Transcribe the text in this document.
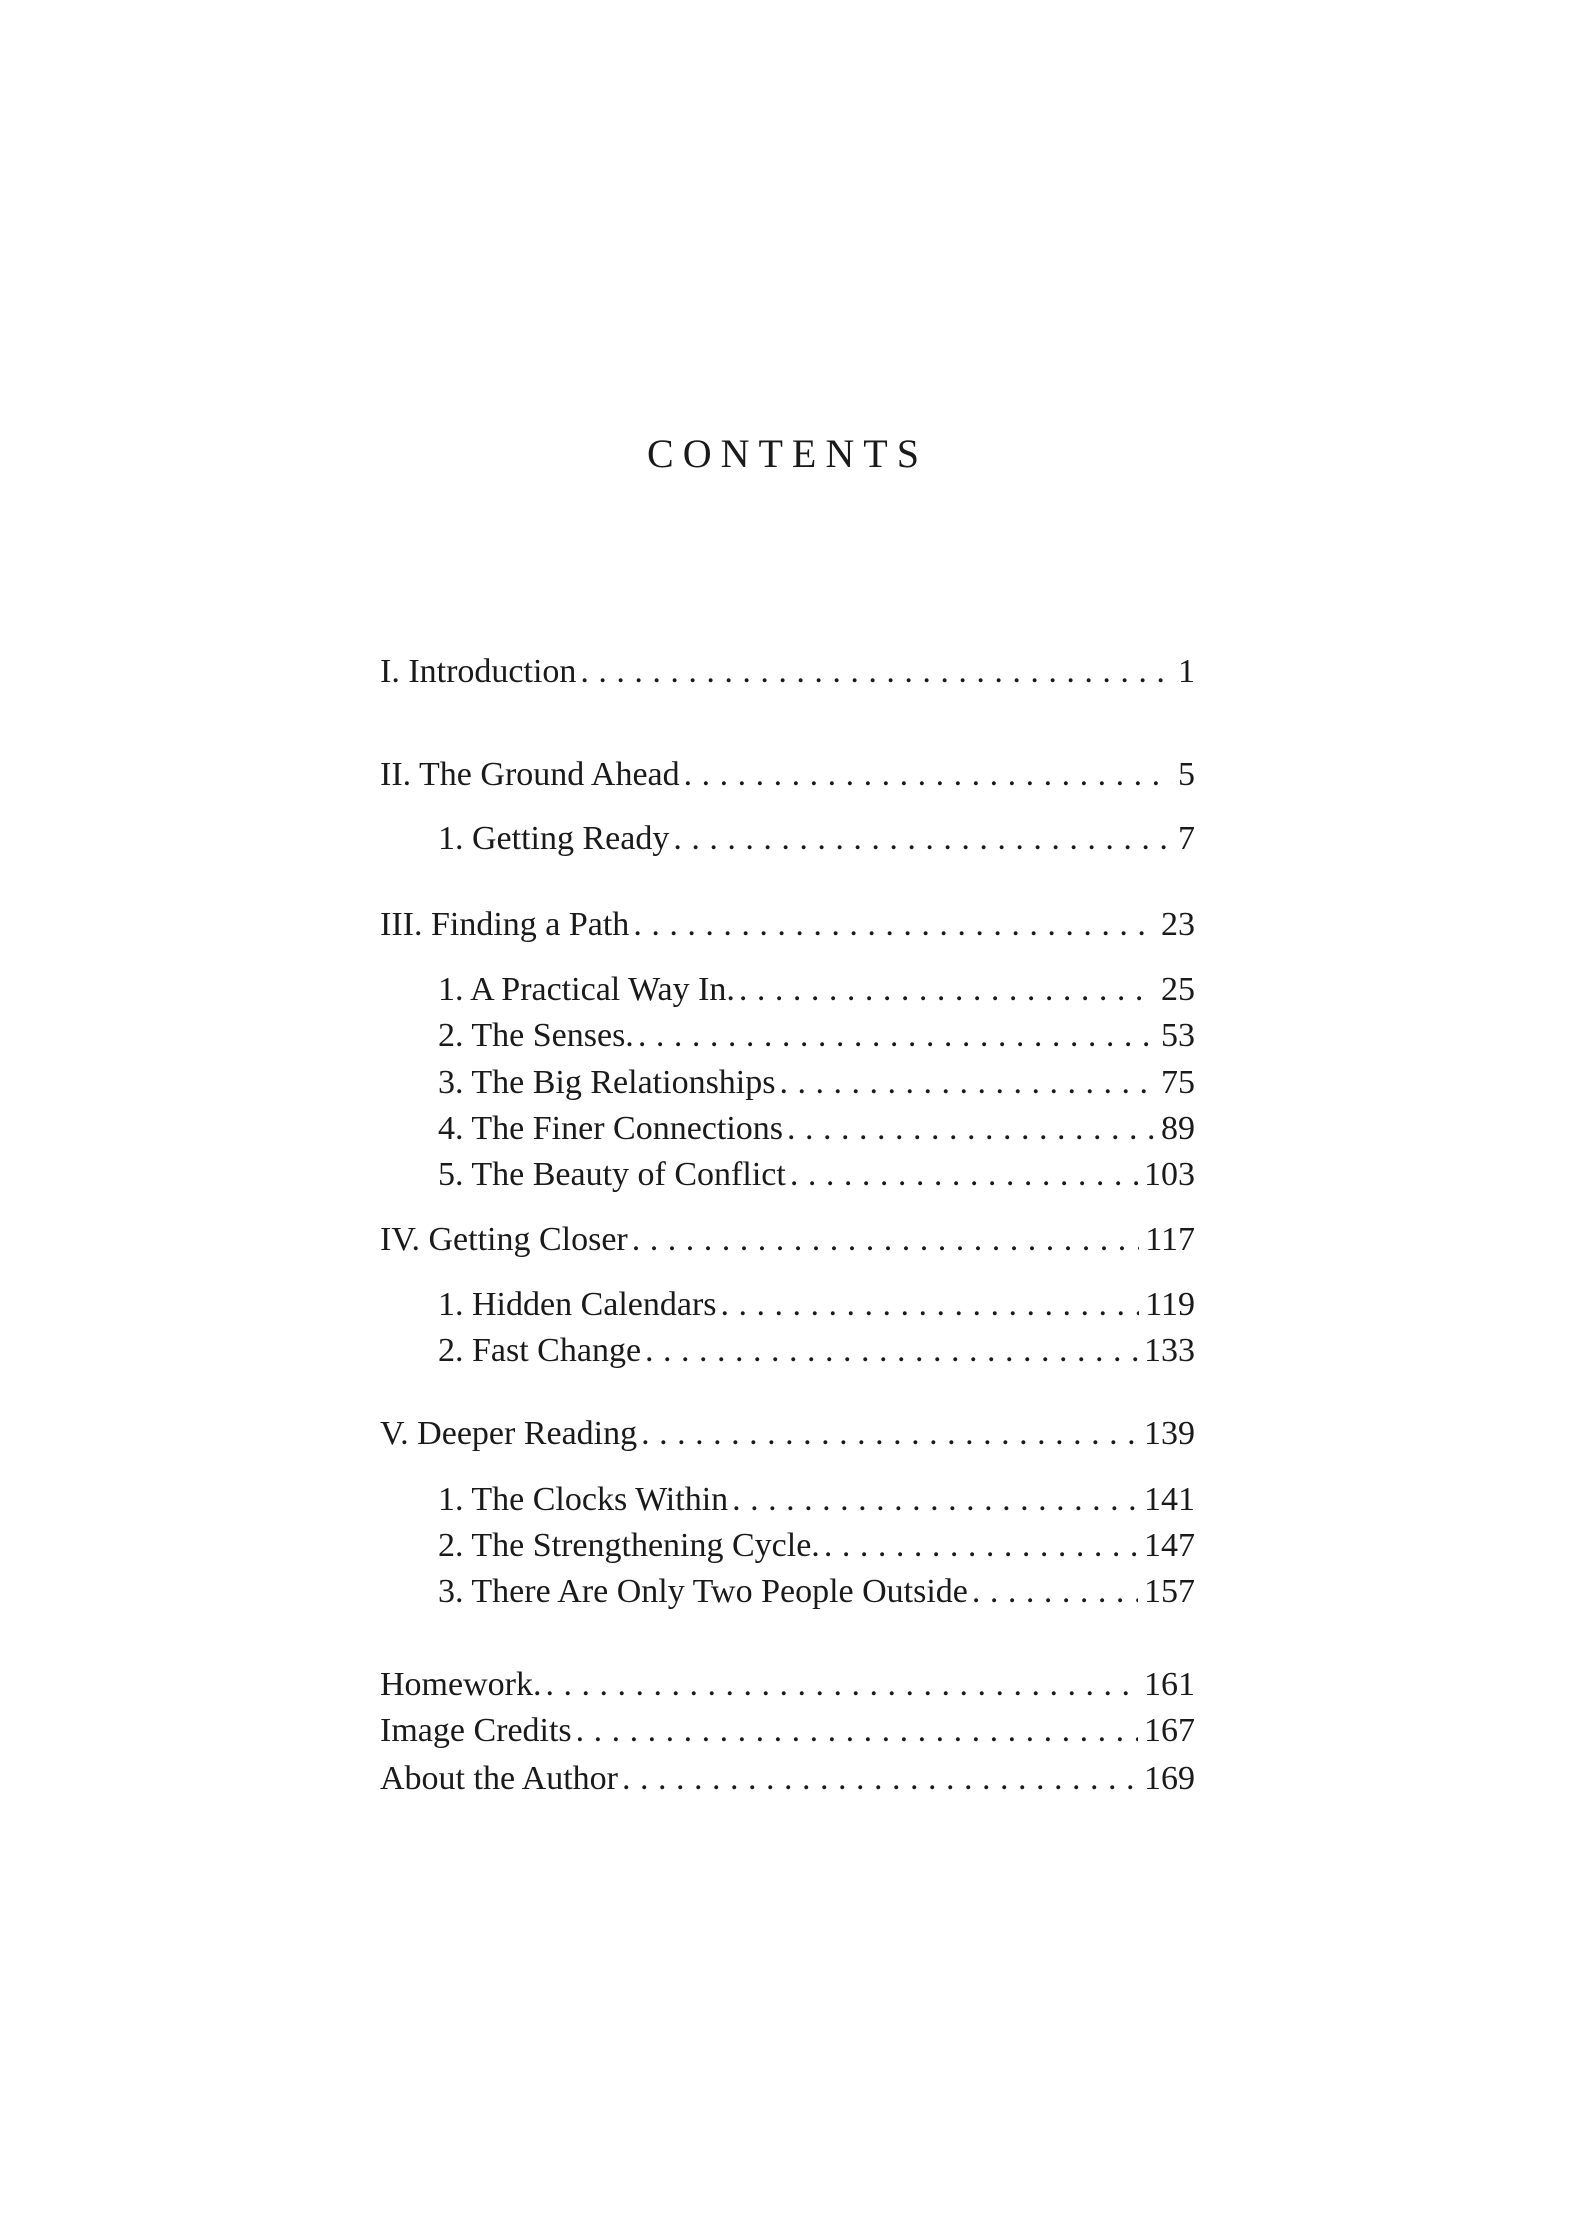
CONTENTS
I. Introduction . . .	1
II. The Ground Ahead . . .	5
1. Getting Ready . . .	7
III. Finding a Path . . .	23
1. A Practical Way In. . . .	25
2. The Senses. . . .	53
3. The Big Relationships . . .	75
4. The Finer Connections . . .	89
5. The Beauty of Conflict . . .	103
IV. Getting Closer . . .	117
1. Hidden Calendars . . .	119
2. Fast Change . . .	133
V. Deeper Reading . . .	139
1. The Clocks Within . . .	141
2. The Strengthening Cycle. . . .	147
3. There Are Only Two People Outside . . .	157
Homework. . . .	161
Image Credits . . .	167
About the Author . . .	169
